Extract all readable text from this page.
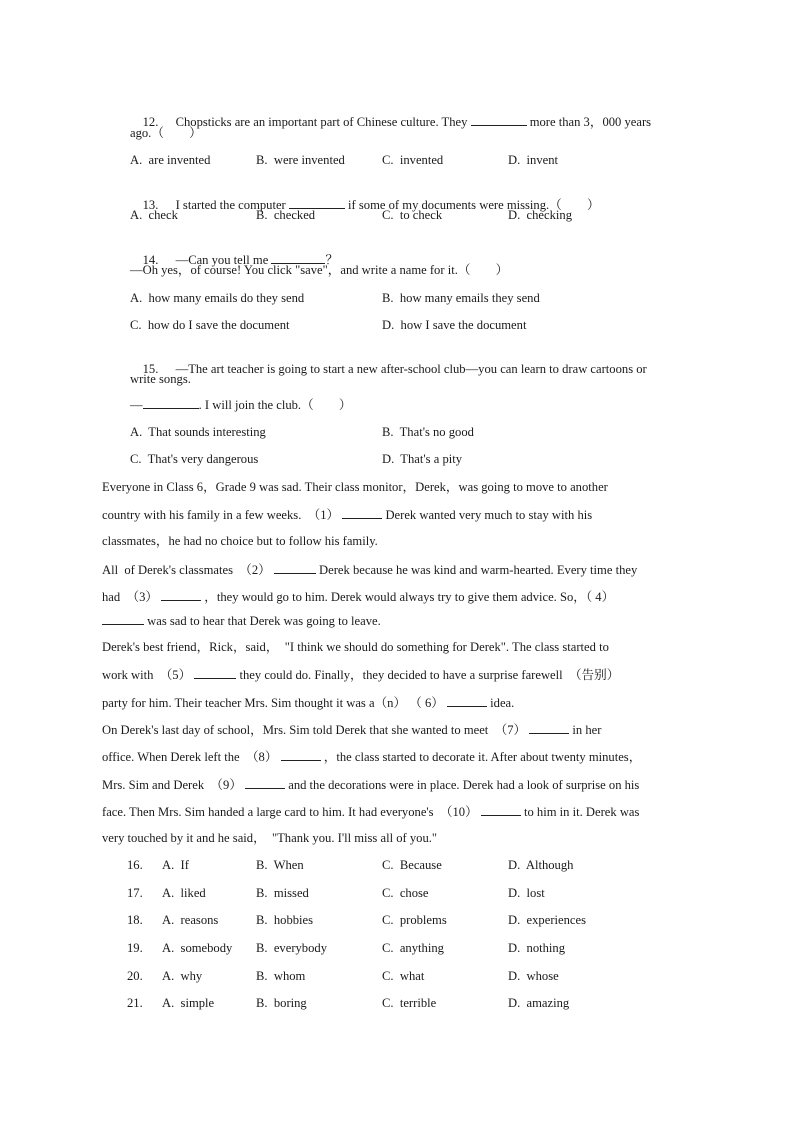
12. Chopsticks are an important part of Chinese culture. They	more than 3，000 years

ago.（        ）
A.  are invented	B.  were invented	C.  invented	D.  invent

13. I started the computer	if some of my documents were missing.（        ）

A.  check	B.  checked	C.  to check	D.  checking

14. —Can you tell me	？

—Oh yes，of course! You click "save"，and write a name for it.（        ）
A.  how many emails do they send	B.  how many emails they send
C.  how do I save the document	D.  how I save the document

15. —The art teacher is going to start a new after-school club—you can learn to draw cartoons or

write songs.
—	. I will join the club.（        ）
A.  That sounds interesting	B.  That's no good
C.  That's very dangerous	D.  That's a pity
Everyone in Class 6，Grade 9 was sad. Their class monitor，Derek，was going to move to another
country with his family in a few weeks.  （1）	Derek wanted very much to stay with his
classmates，he had no choice but to follow his family.
All  of Derek's classmates  （2）	Derek because he was kind and warm-hearted. Every time they
had  （3）	，they would go to him. Derek would always try to give them advice. So，（ 4）
was sad to hear that Derek was going to leave.
Derek's best friend，Rick，said，  "I think we should do something for Derek". The class started to
work with  （5）	they could do. Finally，they decided to have a surprise farewell  （告别）
party for him. Their teacher Mrs. Sim thought it was a（n） （ 6）	idea.
On Derek's last day of school，Mrs. Sim told Derek that she wanted to meet  （7）	in her
office. When Derek left the  （8）	，the class started to decorate it. After about twenty minutes，
Mrs. Sim and Derek  （9）	and the decorations were in place. Derek had a look of surprise on his
face. Then Mrs. Sim handed a large card to him. It had everyone's  （10）	to him in it. Derek was
very touched by it and he said，  "Thank you. I'll miss all of you."
16. A.  If	B.  When	C.  Because	D.  Although
17. A.  liked	B.  missed	C.  chose	D.  lost
18. A.  reasons	B.  hobbies	C.  problems	D.  experiences
19. A.  somebody B.  everybody	C.  anything	D.  nothing
20. A.  why	B.  whom	C.  what	D.  whose
21. A.  simple	B.  boring	C.  terrible	D.  amazing
